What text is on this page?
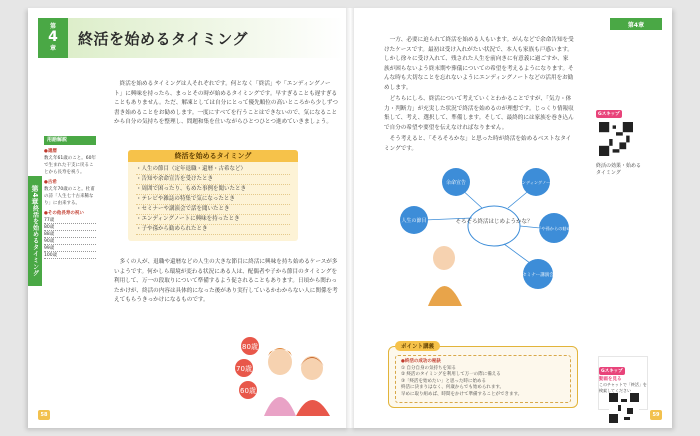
第
4
章
終活を始めるタイミング

終活を始めるタイミングは人それぞれです。何となく「終活」や「エンディングノート」に興味を持ったら、まっとその時が始めるタイミングです。早すぎることも遅すぎることもありません。ただ、解凍としては自分にとって優先順位の高いところから少しずつ書き始めることをお勧めします。一度にすべてを行うことはできないので、気になることから自分の気持ちを整理し、問題和集を仕いながらひとつひとつ進めていきましょう。

終活を始めるタイミング
・人生の節目（定年退職・還暦・古希など）
・告知や余命宣告を受けたとき
・周囲で困ったり、もめた事例を聞いたとき
・テレビや雑誌の特集で気になったとき
・セミナーや講演会で話を聞いたとき
・エンディングノートに興味を持ったとき
・子や孫から勧められたとき

多くの人が、退職や還暦などの人生の大きな節目に終活に興味を持ち始めるケースが多いようです。何かしら環境が変わる状況にある人は、配偶者や子から節目のタイミングを利用して、万一の段取りについて準備するよう促されることもあります。日頃から関わったかけが、終活の内容は具体的になった後があり実行しているかわからない人に関係を考えてもらうきっかけになるものです。

第4章
終活を始めるタイミング
用語解説
●還暦
数え年61歳のこと。60年で生まれた干支に戻ることから長寿を祝う。
●古希
数え年70歳のこと。杜甫の詩「人生七十古来稀なり」に由来する。
●その他長寿の祝い
77歳
80歳
88歳
90歳
99歳
100歳
80歳
70歳
60歳
58
第4章

一方、必要に迫られて終活を始める人もいます。がんなどで余命告知を受けたケースです。最初は受け入れがたい状況で、本人も家族も戸惑います。しかし徐々に受け入れて、残された人生を前向きに有意義に過ごすか、家族が困らないよう終末期や葬儀についての希望を考えるようになります。そんな時も大切なことを忘れないようにエンディングノートなどの活用をお勧めします。

どちらにしろ、終活について考えていくとわかることですが、「気力・体力・判断力」が充実した状況で終活を始めるのが理想です。じっくり情報収集して、考え、選択して、準備します。そして、最終的には家族を巻き込んで自分の希望や要望を伝えなければなりません。

そう考えると、「そろそろかな」と思った時が終活を始めるベストなタイミングです。

Gスキップ
終活の効果・始めるタイミング
そろそろ終活はじめようかな？
人生の節目
余命宣告	エンディングノート
子や孫からの勧め
セミナー講演会
ポイント講義
●終活の成功の秘訣
① 自分自身の気持ちを知る
② 終活のタイミングを利用して万一の際に備える
③「終活を始めたい」と思った時に始める
終活に決まりはなく、何歳からでも始められます。
早めに取り組めば、時間をかけて準備することができます。
Gスキップ
動画を見る
このチャットで「終活」を検索してください
59
